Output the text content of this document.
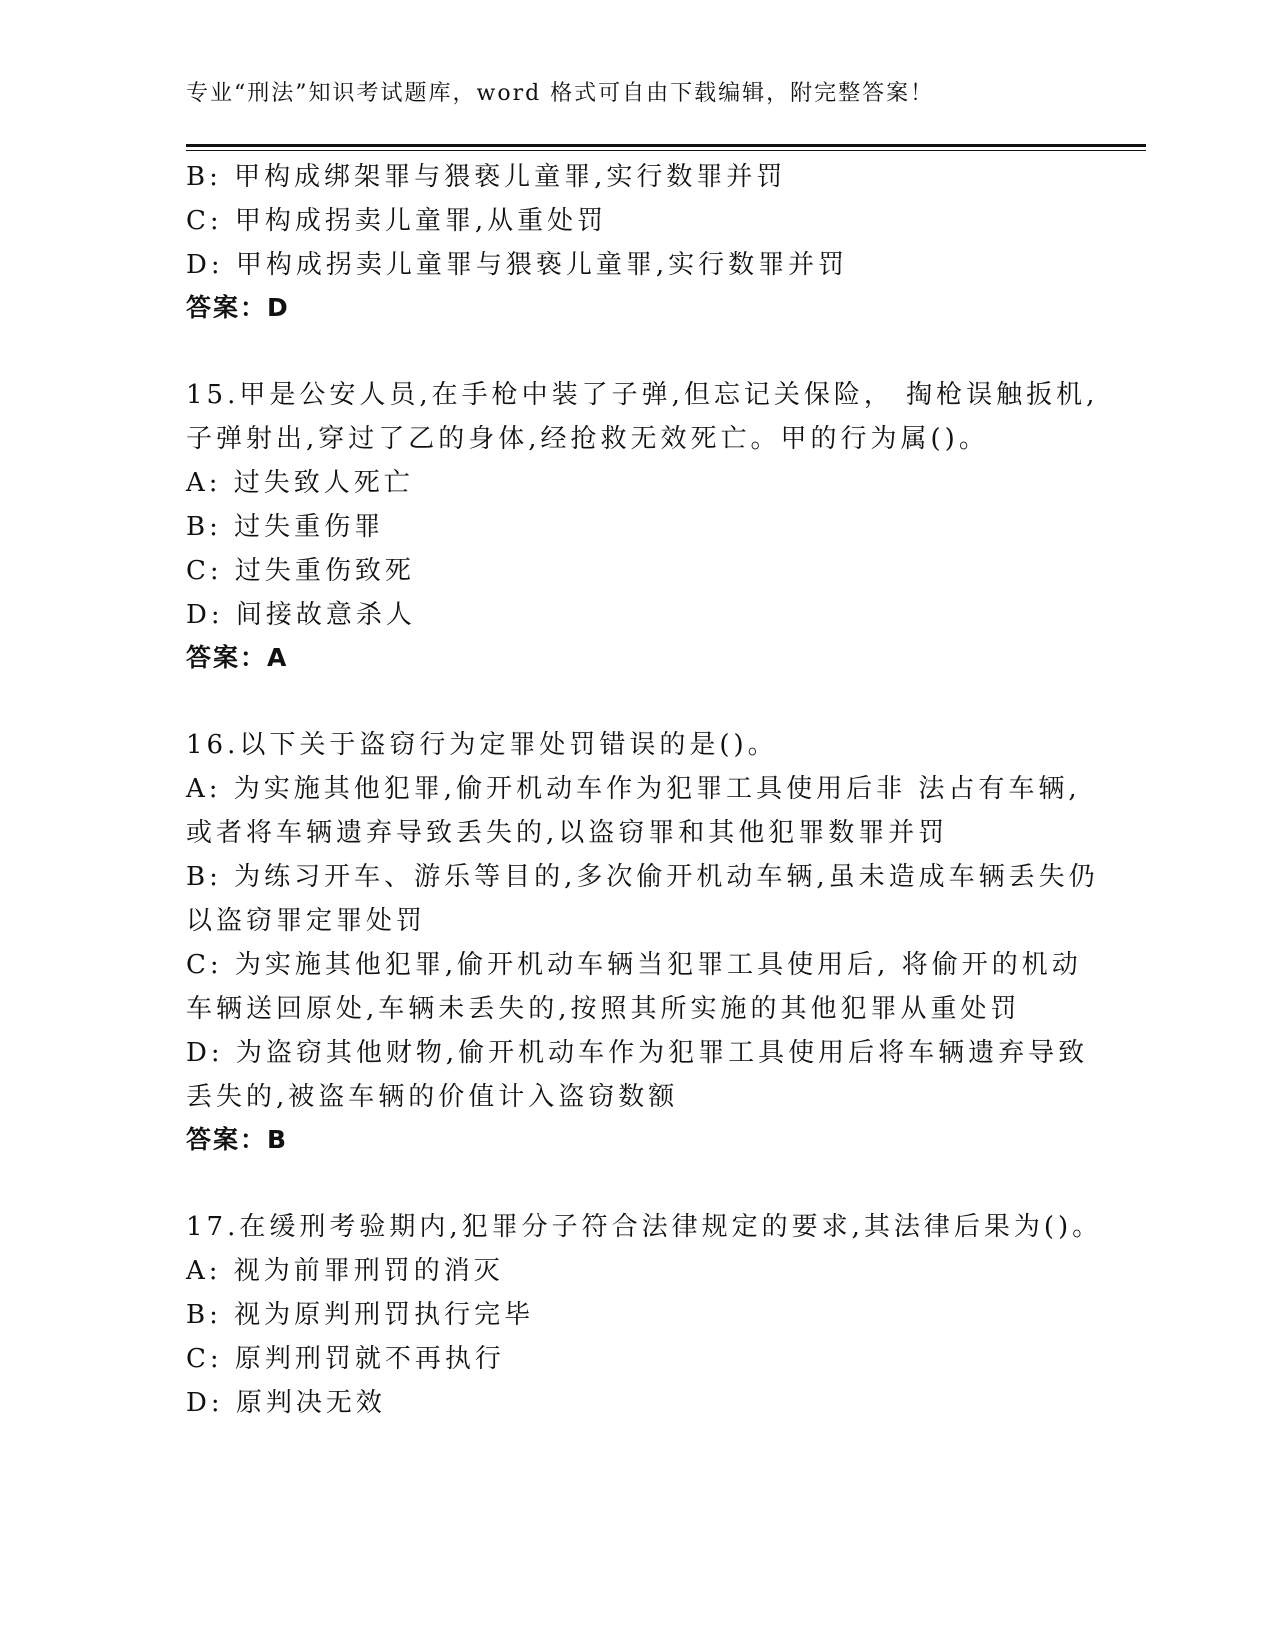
专业“刑法”知识考试题库，word 格式可自由下载编辑，附完整答案！
B: 甲构成绑架罪与猥亵儿童罪,实行数罪并罚
C: 甲构成拐卖儿童罪,从重处罚
D: 甲构成拐卖儿童罪与猥亵儿童罪,实行数罪并罚
答案：D
15.甲是公安人员,在手枪中装了子弹,但忘记关保险， 掏枪误触扳机,
子弹射出,穿过了乙的身体,经抢救无效死亡。甲的行为属()。
A: 过失致人死亡
B: 过失重伤罪
C: 过失重伤致死
D: 间接故意杀人
答案：A
16.以下关于盗窃行为定罪处罚错误的是()。
A: 为实施其他犯罪,偷开机动车作为犯罪工具使用后非 法占有车辆,
或者将车辆遗弃导致丢失的,以盗窃罪和其他犯罪数罪并罚
B: 为练习开车、游乐等目的,多次偷开机动车辆,虽未造成车辆丢失仍
以盗窃罪定罪处罚
C: 为实施其他犯罪,偷开机动车辆当犯罪工具使用后, 将偷开的机动
车辆送回原处,车辆未丢失的,按照其所实施的其他犯罪从重处罚
D: 为盗窃其他财物,偷开机动车作为犯罪工具使用后将车辆遗弃导致
丢失的,被盗车辆的价值计入盗窃数额
答案：B
17.在缓刑考验期内,犯罪分子符合法律规定的要求,其法律后果为()。
A: 视为前罪刑罚的消灭
B: 视为原判刑罚执行完毕
C: 原判刑罚就不再执行
D: 原判决无效
